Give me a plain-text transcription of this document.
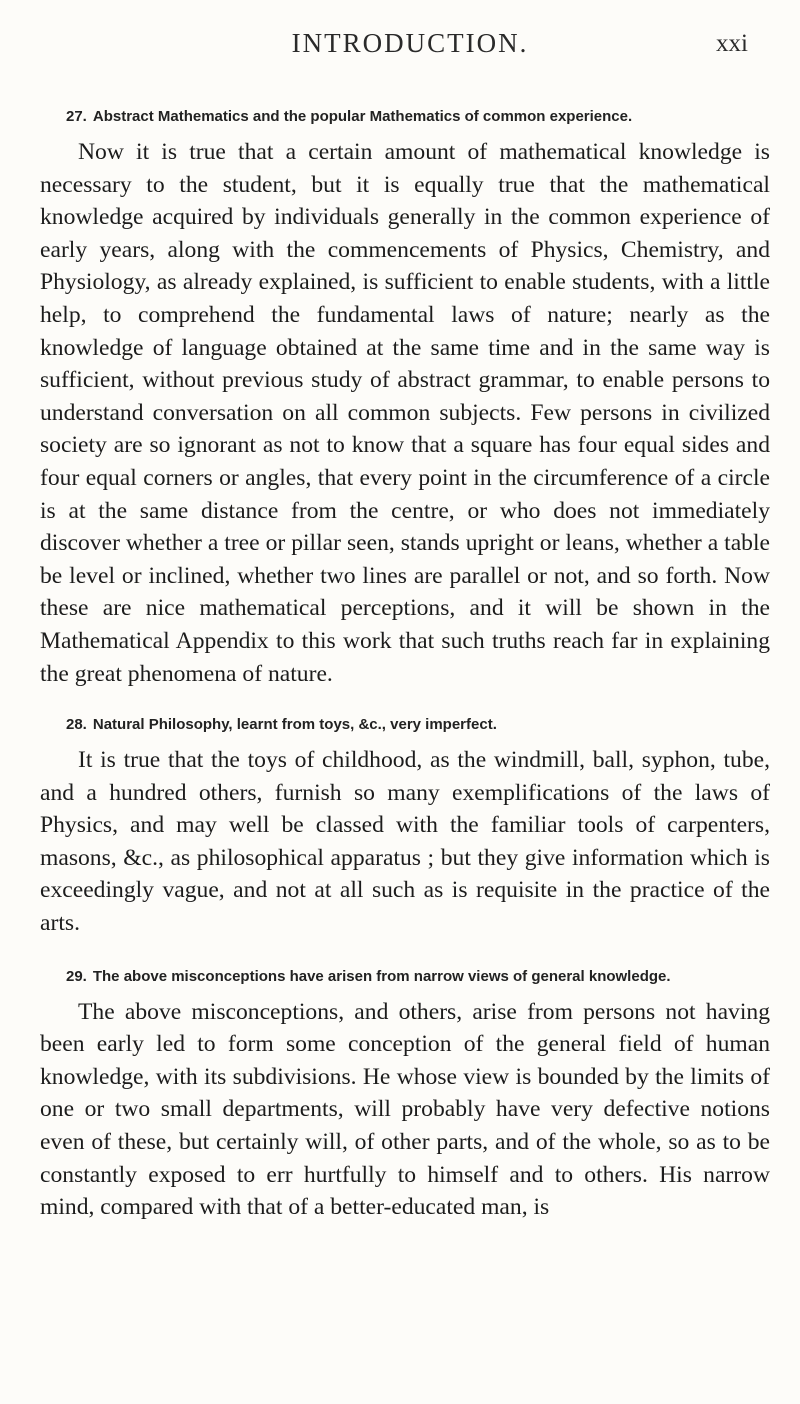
INTRODUCTION.	xxi
27. Abstract Mathematics and the popular Mathematics of common experience.

Now it is true that a certain amount of mathematical knowledge is necessary to the student, but it is equally true that the mathematical knowledge acquired by individuals generally in the common experience of early years, along with the commencements of Physics, Chemistry, and Physiology, as already explained, is sufficient to enable students, with a little help, to comprehend the fundamental laws of nature; nearly as the knowledge of language obtained at the same time and in the same way is sufficient, without previous study of abstract grammar, to enable persons to understand conversation on all common subjects. Few persons in civilized society are so ignorant as not to know that a square has four equal sides and four equal corners or angles, that every point in the circumference of a circle is at the same distance from the centre, or who does not immediately discover whether a tree or pillar seen, stands upright or leans, whether a table be level or inclined, whether two lines are parallel or not, and so forth. Now these are nice mathematical perceptions, and it will be shown in the Mathematical Appendix to this work that such truths reach far in explaining the great phenomena of nature.

28. Natural Philosophy, learnt from toys, &c., very imperfect.

It is true that the toys of childhood, as the windmill, ball, syphon, tube, and a hundred others, furnish so many exemplifications of the laws of Physics, and may well be classed with the familiar tools of carpenters, masons, &c., as philosophical apparatus ; but they give information which is exceedingly vague, and not at all such as is requisite in the practice of the arts.

29. The above misconceptions have arisen from narrow views of general knowledge.

The above misconceptions, and others, arise from persons not having been early led to form some conception of the general field of human knowledge, with its subdivisions. He whose view is bounded by the limits of one or two small departments, will probably have very defective notions even of these, but certainly will, of other parts, and of the whole, so as to be constantly exposed to err hurtfully to himself and to others. His narrow mind, compared with that of a better-educated man, is
